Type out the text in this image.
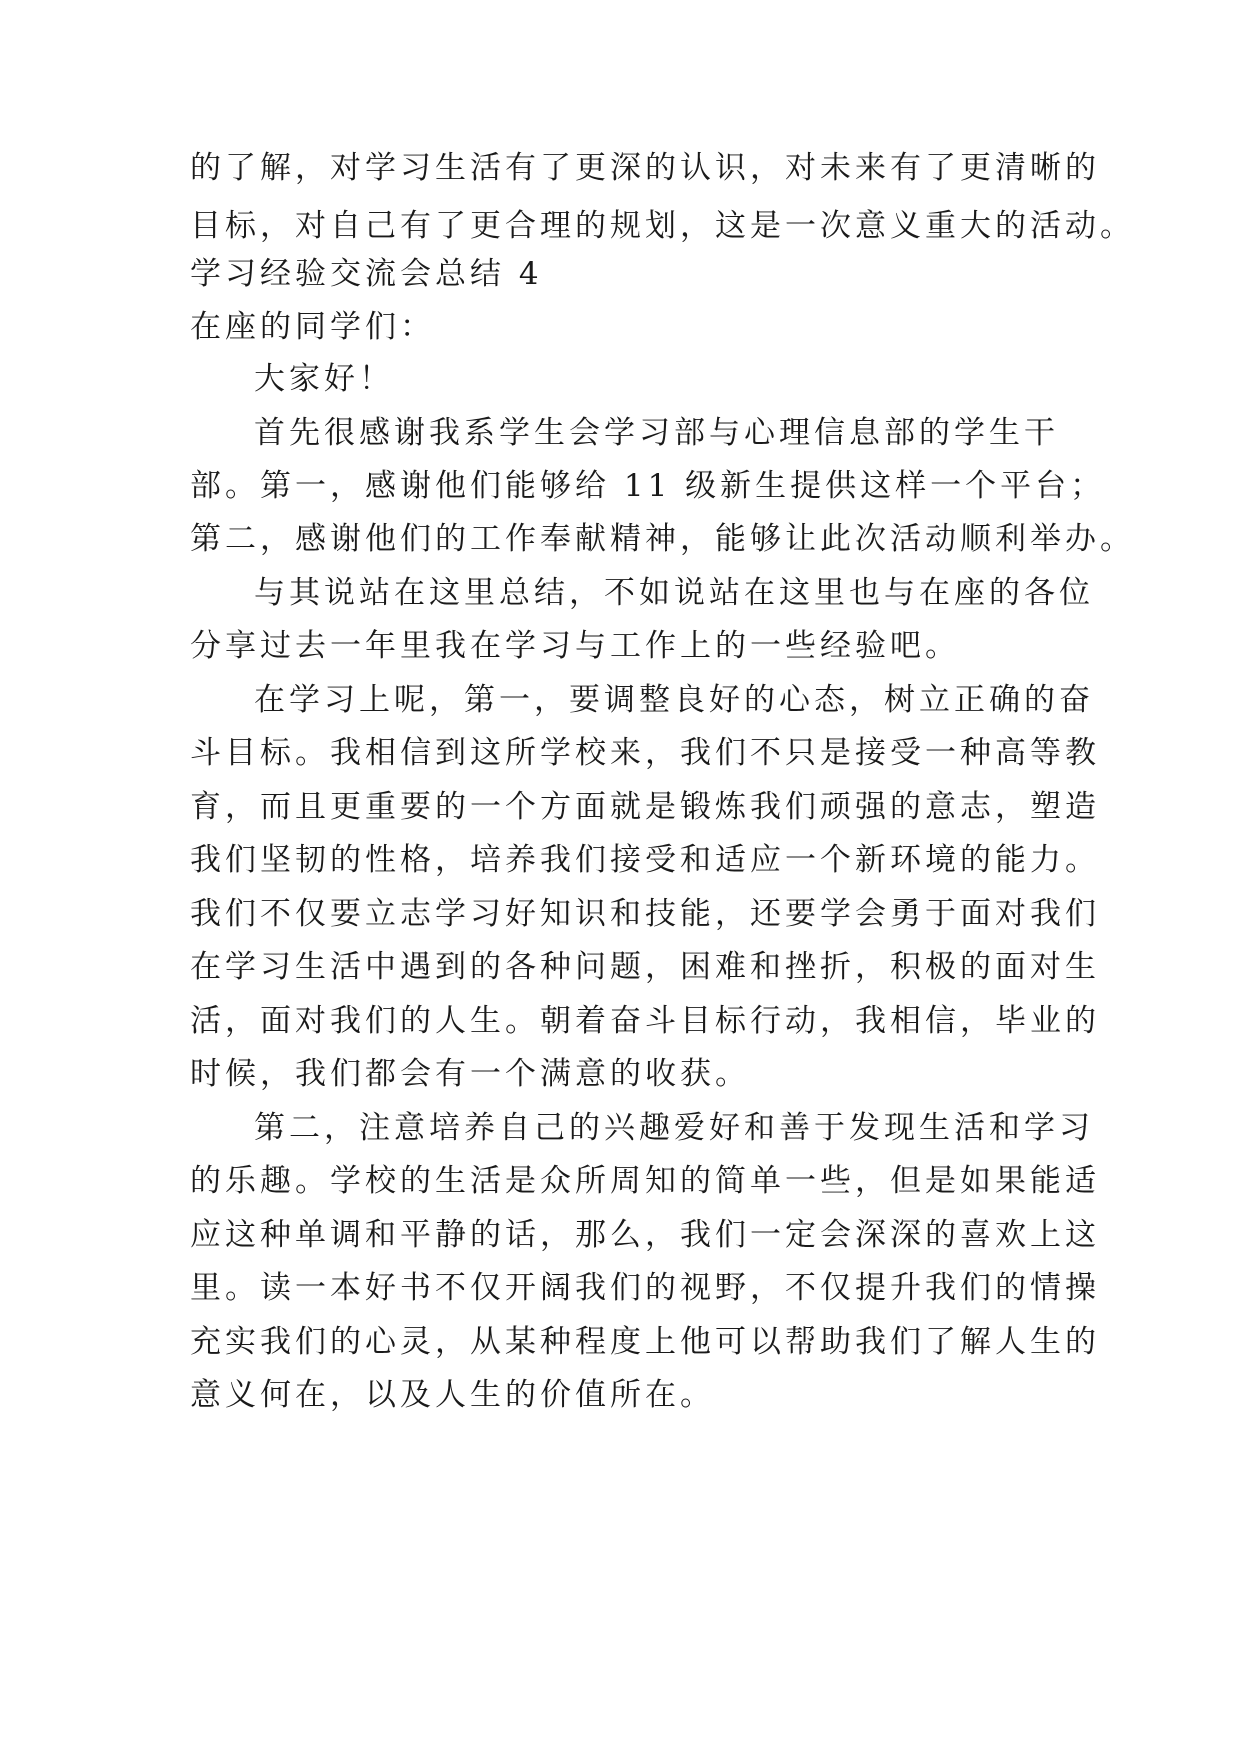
的了解，对学习生活有了更深的认识，对未来有了更清晰的
目标，对自己有了更合理的规划，这是一次意义重大的活动。
学习经验交流会总结 4
在座的同学们：
大家好！
首先很感谢我系学生会学习部与心理信息部的学生干
部。第一，感谢他们能够给 11 级新生提供这样一个平台；
第二，感谢他们的工作奉献精神，能够让此次活动顺利举办。
与其说站在这里总结，不如说站在这里也与在座的各位
分享过去一年里我在学习与工作上的一些经验吧。
在学习上呢，第一，要调整良好的心态，树立正确的奋
斗目标。我相信到这所学校来，我们不只是接受一种高等教
育，而且更重要的一个方面就是锻炼我们顽强的意志，塑造
我们坚韧的性格，培养我们接受和适应一个新环境的能力。
我们不仅要立志学习好知识和技能，还要学会勇于面对我们
在学习生活中遇到的各种问题，困难和挫折，积极的面对生
活，面对我们的人生。朝着奋斗目标行动，我相信，毕业的
时候，我们都会有一个满意的收获。
第二，注意培养自己的兴趣爱好和善于发现生活和学习
的乐趣。学校的生活是众所周知的简单一些，但是如果能适
应这种单调和平静的话，那么，我们一定会深深的喜欢上这
里。读一本好书不仅开阔我们的视野，不仅提升我们的情操
充实我们的心灵，从某种程度上他可以帮助我们了解人生的
意义何在，以及人生的价值所在。
